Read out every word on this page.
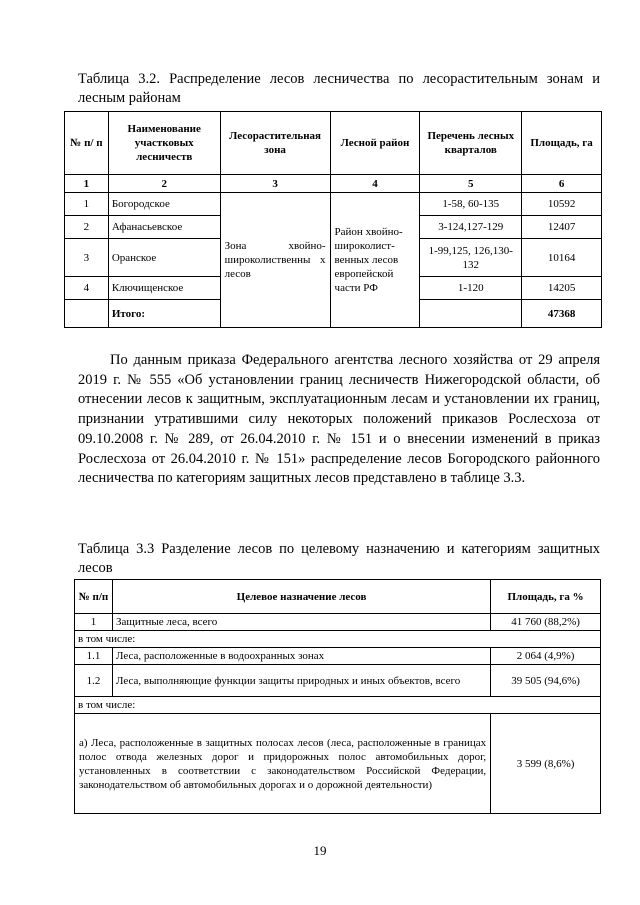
Таблица 3.2. Распределение лесов лесничества по лесорастительным зонам и лесным районам
№ п/ п	Наименование участковых лесничеств	Лесорастительная зона	Лесной район	Перечень лесных кварталов	Площадь, га
1	2	3	4	5	6
1	Богородское	Зона хвойно-широколиственны х лесов	Район хвойно-широколист-венных лесов европейской части РФ	1-58, 60-135	10592
2	Афанасьевское			3-124,127-129	12407
3	Оранское			1-99,125, 126,130-132	10164
4	Ключищенское			1-120	14205
	Итого:				47368

По данным приказа Федерального агентства лесного хозяйства от 29 апреля 2019 г. № 555 «Об установлении границ лесничеств Нижегородской области, об отнесении лесов к защитным, эксплуатационным лесам и установлении их границ, признании утратившими силу некоторых положений приказов Рослесхоза от 09.10.2008 г. № 289, от 26.04.2010 г. № 151 и о внесении изменений в приказ Рослесхоза от 26.04.2010 г. № 151» распределение лесов Богородского районного лесничества по категориям защитных лесов представлено в таблице 3.3.

Таблица 3.3 Разделение лесов по целевому назначению и категориям защитных лесов
№ п/п	Целевое назначение лесов	Площадь, га %
1	Защитные леса, всего	41 760 (88,2%)
в том числе:		
1.1	Леса, расположенные в водоохранных зонах	2 064 (4,9%)
1.2	Леса, выполняющие функции защиты природных и иных объектов, всего	39 505 (94,6%)
в том числе:		
а) Леса, расположенные в защитных полосах лесов (леса, расположенные в границах полос отвода железных дорог и придорожных полос автомобильных дорог, установленных в соответствии с законодательством Российской Федерации, законодательством об автомобильных дорогах и о дорожной деятельности)		3 599 (8,6%)
19
